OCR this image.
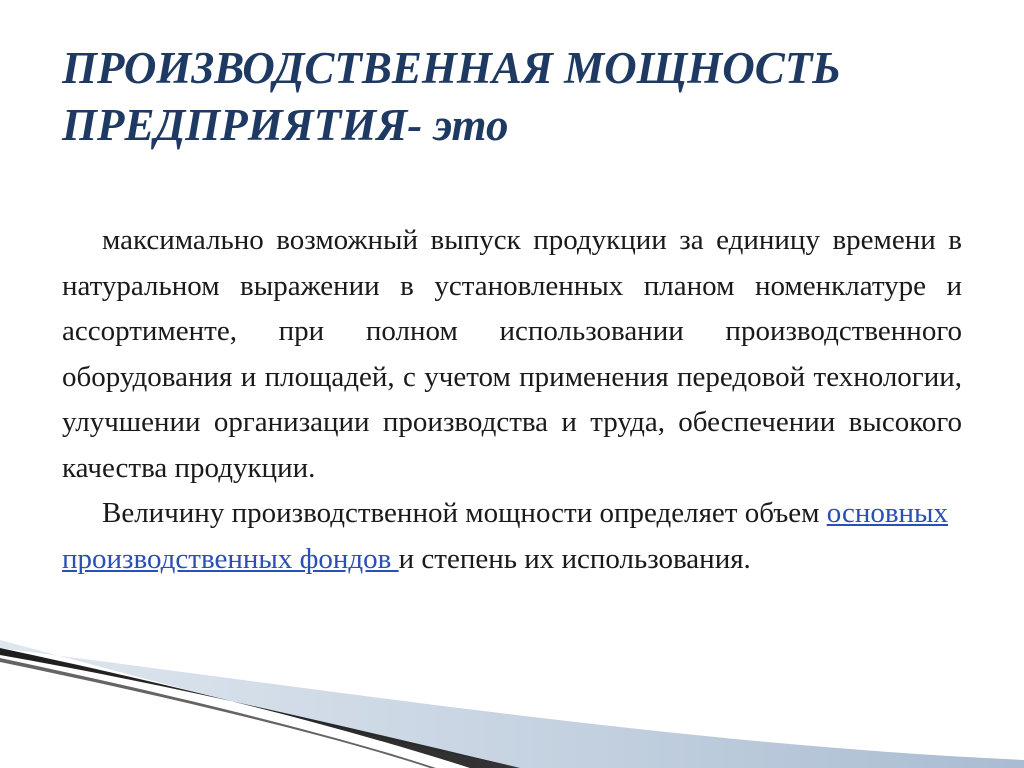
ПРОИЗВОДСТВЕННАЯ МОЩНОСТЬ
ПРЕДПРИЯТИЯ- это

максимально возможный выпуск продукции за единицу времени в натуральном выражении в установленных планом номенклатуре и ассортименте, при полном использовании производственного оборудования и площадей, с учетом применения передовой технологии, улучшении организации производства и труда, обеспечении высокого качества продукции.

Величину производственной мощности определяет объем основных производственных фондов и степень их использования.
